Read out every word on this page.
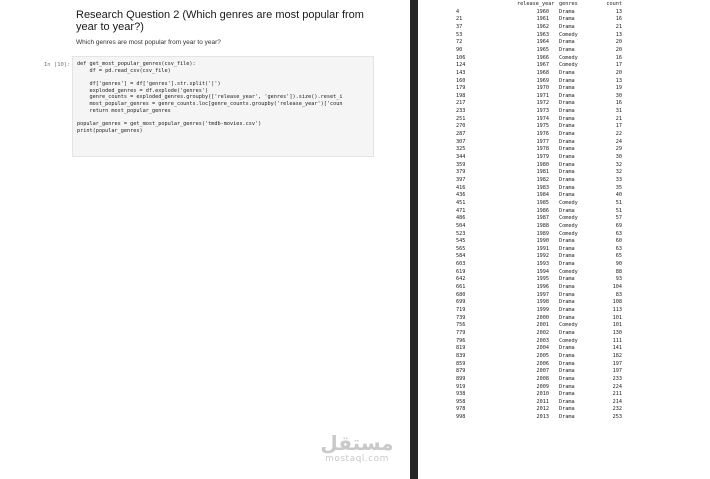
Research Question 2 (Which genres are most popular from year to year?)
Which genres are most popular from year to year?
In [10]: def get_most_popular_genres(csv_file):
df = pd.read_csv(csv_file)
df['genres'] = df['genres'].str.split('|')
exploded_genres = df.explode('genres')
genre_counts = exploded_genres.groupby(['release_year', 'genres']).size().reset_i
most_popular_genres = genre_counts.loc[genre_counts.groupby('release_year')['coun
return most_popular_genres
popular_genres = get_most_popular_genres('tmdb-movies.csv')
print(popular_genres)
release_year genres	count
4	1960 Drama	13
21	1961 Drama	16
37	1962 Drama	21
53	1963 Comedy	13
72	1964 Drama	20
90	1965 Drama	20
106	1966 Comedy	16
124	1967 Comedy	17
143	1968 Drama	20
160	1969 Drama	13
179	1970 Drama	19
198	1971 Drama	30
217	1972 Drama	16
233	1973 Drama	31
251	1974 Drama	21
270	1975 Drama	17
287	1976 Drama	22
307	1977 Drama	24
325	1978 Drama	29
344	1979 Drama	30
359	1980 Drama	32
379	1981 Drama	32
397	1982 Drama	33
416	1983 Drama	35
436	1984 Drama	40
451	1985 Comedy	51
471	1986 Drama	51
486	1987 Comedy	57
504	1988 Comedy	69
523	1989 Comedy	63
545	1990 Drama	60
565	1991 Drama	63
584	1992 Drama	65
603	1993 Drama	90
619	1994 Comedy	88
642	1995 Drama	93
661	1996 Drama	104
680	1997 Drama	83
699	1998 Drama	108
719	1999 Drama	113
739	2000 Drama	101
756	2001 Comedy	101
779	2002 Drama	130
796	2003 Comedy	111
819	2004 Drama	141
839	2005 Drama	182
859	2006 Drama	197
879	2007 Drama	197
899	2008 Drama	233
919	2009 Drama	224
938	2010 Drama	211
958	2011 Drama	214
978	2012 Drama	232
998	2013 Drama	253
مستقل
mostaql.com
